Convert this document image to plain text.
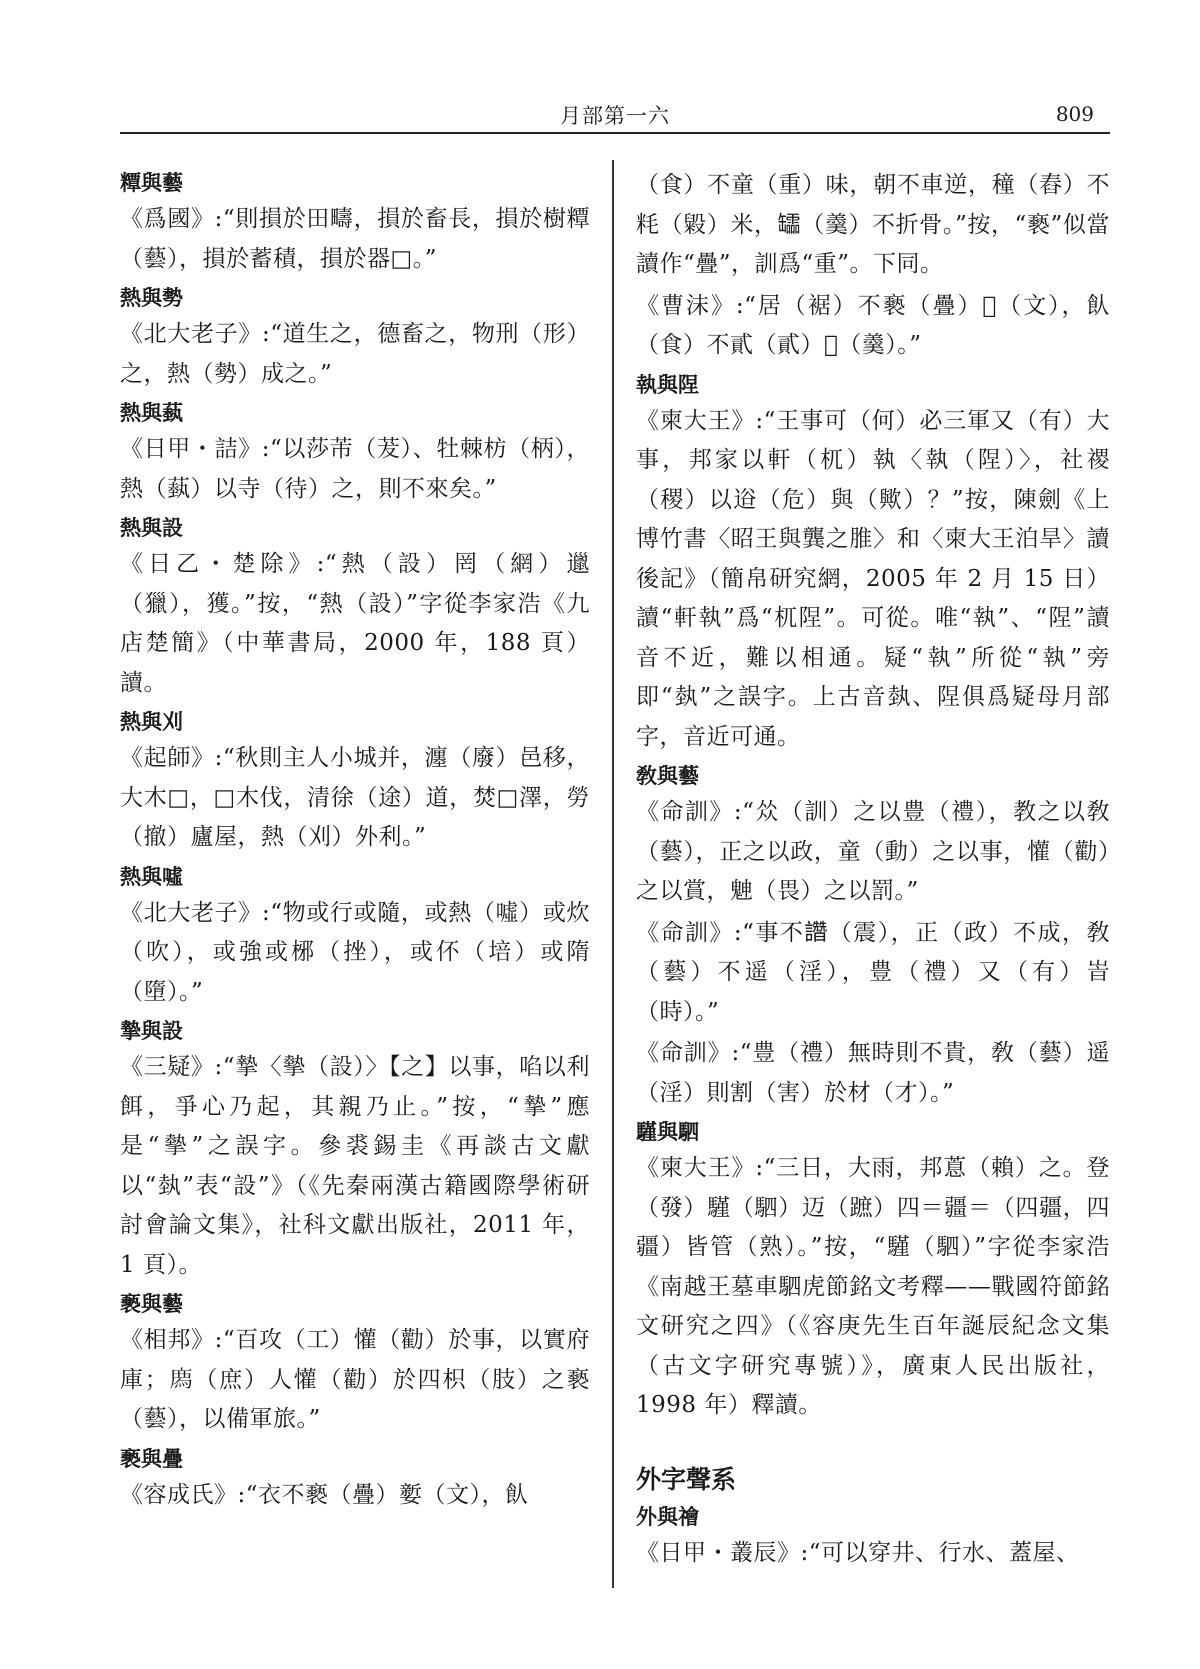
月部第一六	809

䊤與藝

《爲國》:“則損於田疇，損於畜長，損於樹䊤（藝），損於蓄積，損於器□。”

熱與勢

《北大老子》:“道生之，德畜之，物刑（形）之，熱（勢）成之。”

熱與蓺

《日甲・詰》:“以莎芾（茇）、牡棘枋（柄），熱（蓺）以寺（待）之，則不來矣。”

熱與設

《日乙・楚除》:“熱（設）罔（網）邋（獵），獲。”按，“熱（設）”字從李家浩《九店楚簡》（中華書局，2000 年，188 頁）讀。

熱與刈

《起師》:“秋則主人小城并，瀍（廢）邑移，大木□，□木伐，清徐（途）道，焚□澤，勞（撤）廬屋，熱（刈）外利。”

熱與噓

《北大老子》:“物或行或隨，或熱（噓）或炊（吹），或強或㭨（挫），或伓（培）或隋（墮）。”

摯與設

《三疑》:“摯〈摰（設）〉【之】以事，啗以利餌，爭心乃起，其親乃止。”按，“摯”應是“摰”之誤字。參裘錫圭《再談古文獻以“埶”表“設”》（《先秦兩漢古籍國際學術研討會論文集》，社科文獻出版社，2011 年，1 頁）。

褻與藝

《相邦》:“百攻（工）懽（勸）於事，以實府庫；𢊁（庶）人懽（勸）於四枳（肢）之褻（藝），以備軍旅。”

褻與疊

《容成氏》:“衣不褻（疊）㜪（文），飤

（食）不童（重）味，朝不車逆，穜（舂）不粍（毇）米，𦉢（羹）不折骨。”按，“褻”似當讀作“疊”，訓爲“重”。下同。

《曹沫》:“居（裾）不褻（疊）𡘅（文），飤（食）不貳（貳）𦉢（羹）。”

執與陧

《柬大王》:“王事可（何）必三軍又（有）大事，邦家以軒（杌）執〈執（陧）〉，社禝（稷）以逧（危）與（歟）？”按，陳劍《上博竹書〈昭王與龔之脽〉和〈柬大王泊旱〉讀後記》（簡帛研究網，2005 年 2 月 15 日）讀“軒執”爲“杌陧”。可從。唯“執”、“陧”讀音不近，難以相通。疑“執”所從“執”旁即“埶”之誤字。上古音埶、陧俱爲疑母月部字，音近可通。

敎與藝

《命訓》:“𠈌（訓）之以豊（禮），教之以敎（藝），正之以政，童（動）之以事，懽（勸）之以賞，䰠（畏）之以罰。”

《命訓》:“事不𧮂（震），正（政）不成，敎（藝）不遥（淫），豊（禮）又（有）峕（時）。”

《命訓》:“豊（禮）無時則不貴，敎（藝）遥（淫）則割（害）於材（才）。”

騹與駟

《柬大王》:“三日，大雨，邦蒠（賴）之。登（發）騹（駟）迈（蹠）四＝疆＝（四疆，四疆）皆管（熟）。”按，“騹（駟）”字從李家浩《南越王墓車駟虎節銘文考釋——戰國符節銘文研究之四》（《容庚先生百年誕辰紀念文集（古文字研究專號）》，廣東人民出版社，1998 年）釋讀。

外字聲系

外與禬

《日甲・叢辰》:“可以穿井、行水、蓋屋、
